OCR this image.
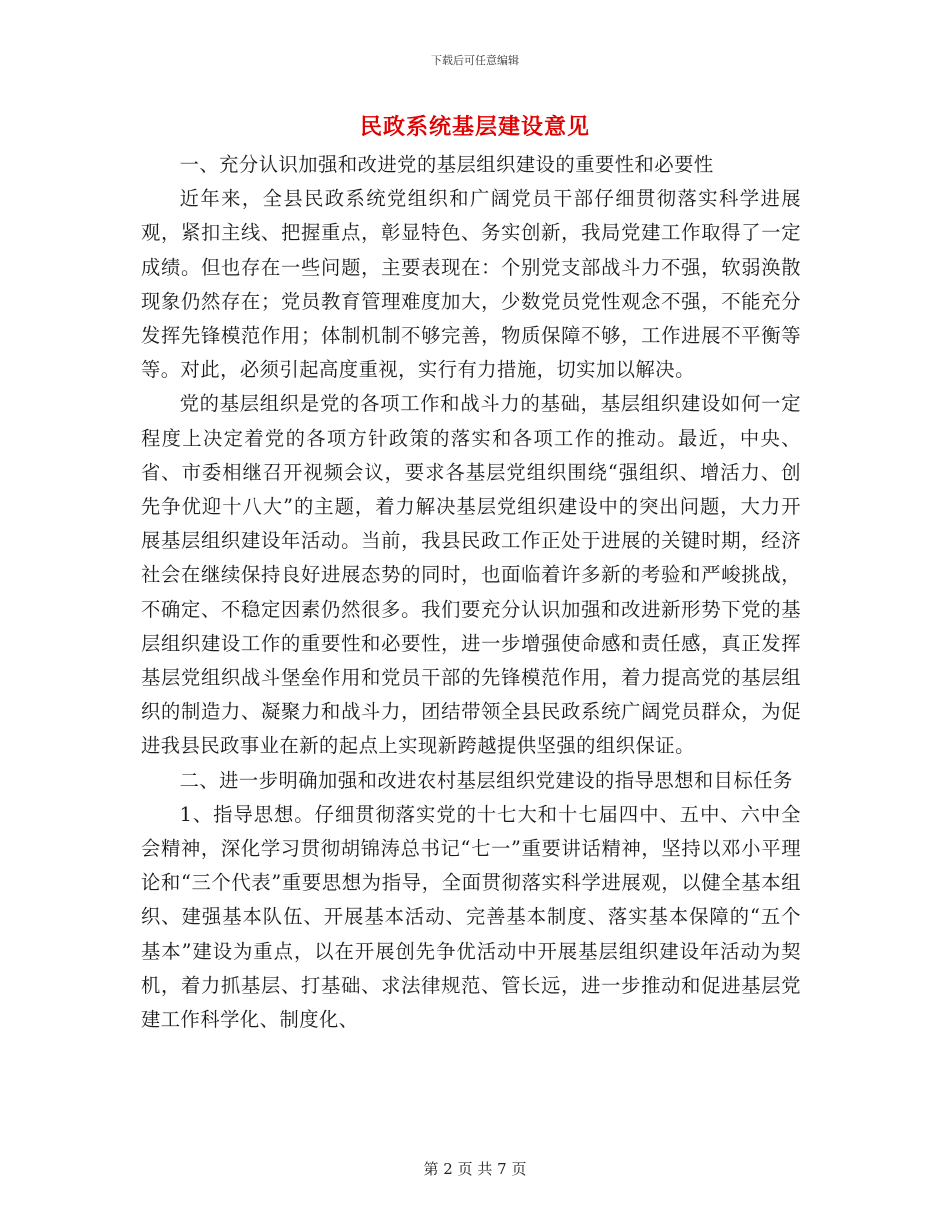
下载后可任意编辑
民政系统基层建设意见

一、充分认识加强和改进党的基层组织建设的重要性和必要性

近年来，全县民政系统党组织和广阔党员干部仔细贯彻落实科学进展观，紧扣主线、把握重点，彰显特色、务实创新，我局党建工作取得了一定成绩。但也存在一些问题，主要表现在：个别党支部战斗力不强，软弱涣散现象仍然存在；党员教育管理难度加大，少数党员党性观念不强，不能充分发挥先锋模范作用；体制机制不够完善，物质保障不够，工作进展不平衡等等。对此，必须引起高度重视，实行有力措施，切实加以解决。

党的基层组织是党的各项工作和战斗力的基础，基层组织建设如何一定程度上决定着党的各项方针政策的落实和各项工作的推动。最近，中央、省、市委相继召开视频会议，要求各基层党组织围绕“强组织、增活力、创先争优迎十八大”的主题，着力解决基层党组织建设中的突出问题，大力开展基层组织建设年活动。当前，我县民政工作正处于进展的关键时期，经济社会在继续保持良好进展态势的同时，也面临着许多新的考验和严峻挑战，不确定、不稳定因素仍然很多。我们要充分认识加强和改进新形势下党的基层组织建设工作的重要性和必要性，进一步增强使命感和责任感，真正发挥基层党组织战斗堡垒作用和党员干部的先锋模范作用，着力提高党的基层组织的制造力、凝聚力和战斗力，团结带领全县民政系统广阔党员群众，为促进我县民政事业在新的起点上实现新跨越提供坚强的组织保证。

二、进一步明确加强和改进农村基层组织党建设的指导思想和目标任务

1、指导思想。仔细贯彻落实党的十七大和十七届四中、五中、六中全会精神，深化学习贯彻胡锦涛总书记“七一”重要讲话精神，坚持以邓小平理论和“三个代表”重要思想为指导，全面贯彻落实科学进展观，以健全基本组织、建强基本队伍、开展基本活动、完善基本制度、落实基本保障的“五个基本”建设为重点，以在开展创先争优活动中开展基层组织建设年活动为契机，着力抓基层、打基础、求法律规范、管长远，进一步推动和促进基层党建工作科学化、制度化、

第 2 页 共 7 页
